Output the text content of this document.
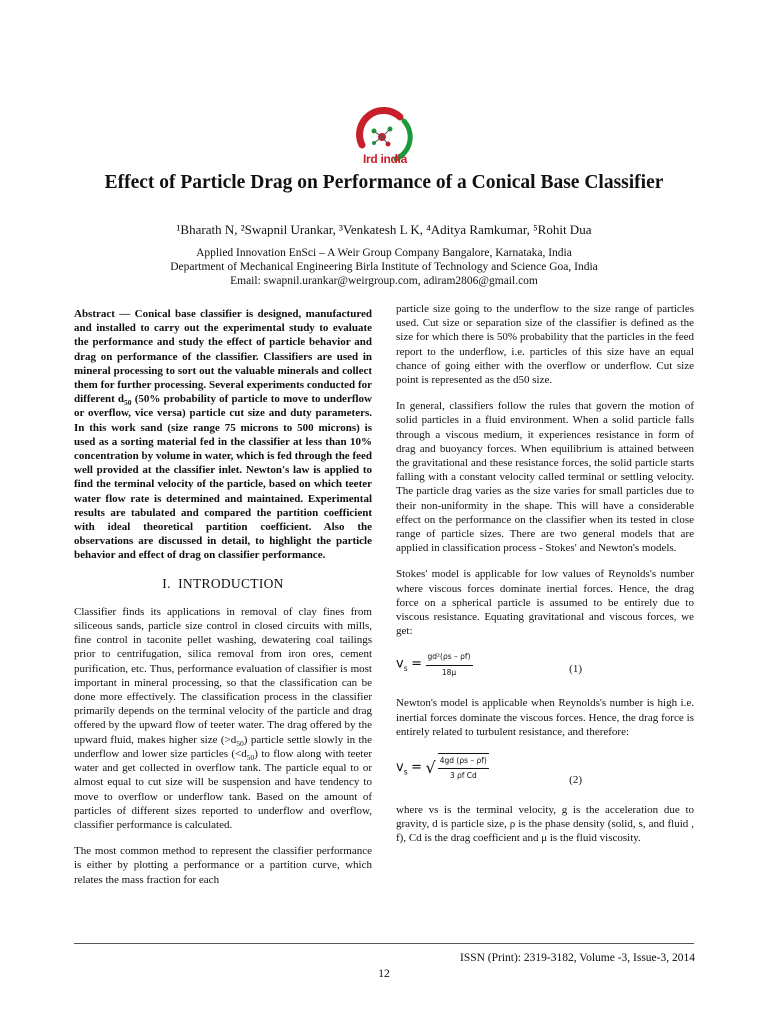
Ird india
Effect of Particle Drag on Performance of a Conical Base Classifier
¹Bharath N, ²Swapnil Urankar, ³Venkatesh L K, ⁴Aditya Ramkumar, ⁵Rohit Dua
Applied Innovation EnSci – A Weir Group Company Bangalore, Karnataka, India
Department of Mechanical Engineering Birla Institute of Technology and Science Goa, India
Email: swapnil.urankar@weirgroup.com, adiram2806@gmail.com

Abstract — Conical base classifier is designed, manufactured and installed to carry out the experimental study to evaluate the performance and study the effect of particle behavior and drag on performance of the classifier. Classifiers are used in mineral processing to sort out the valuable minerals and collect them for further processing. Several experiments conducted for different $d_{50}$ (50% probability of particle to move to underflow or overflow, vice versa) particle cut size and duty parameters. In this work sand (size range 75 microns to 500 microns) is used as a sorting material fed in the classifier at less than 10% concentration by volume in water, which is fed through the feed well provided at the classifier inlet. Newton's law is applied to find the terminal velocity of the particle, based on which teeter water flow rate is determined and maintained. Experimental results are tabulated and compared the partition coefficient with ideal theoretical partition coefficient. Also the observations are discussed in detail, to highlight the particle behavior and effect of drag on classifier performance.

I. INTRODUCTION

Classifier finds its applications in removal of clay fines from siliceous sands, particle size control in closed circuits with mills, fine control in taconite pellet washing, dewatering coal tailings prior to centrifugation, silica removal from iron ores, cement purification, etc. Thus, performance evaluation of classifier is most important in mineral processing, so that the classification can be done more effectively. The classification process in the classifier primarily depends on the terminal velocity of the particle and drag offered by the upward flow of teeter water. The drag offered by the upward fluid, makes higher size $(>d_{50})$ particle settle slowly in the underflow and lower size particles $(<d_{50})$ to flow along with teeter water and get collected in overflow tank. The particle equal to or almost equal to cut size will be suspension and have tendency to move to overflow or underflow tank. Based on the amount of particles of different sizes reported to underflow and overflow, classifier performance is calculated.

The most common method to represent the classifier performance is either by plotting a performance or a partition curve, which relates the mass fraction for each

particle size going to the underflow to the size range of particles used. Cut size or separation size of the classifier is defined as the size for which there is 50% probability that the particles in the feed report to the underflow, i.e. particles of this size have an equal chance of going either with the overflow or underflow. Cut size point is represented as the d50 size.

In general, classifiers follow the rules that govern the motion of solid particles in a fluid environment. When a solid particle falls through a viscous medium, it experiences resistance in form of drag and buoyancy forces. When equilibrium is attained between the gravitational and these resistance forces, the solid particle starts falling with a constant velocity called terminal or settling velocity. The particle drag varies as the size varies for small particles due to their non-uniformity in the shape. This will have a considerable effect on the performance on the classifier when its tested in close range of particle sizes. There are two general models that are applied in classification process - Stokes' and Newton's models.

Stokes' model is applicable for low values of Reynolds's number where viscous forces dominate inertial forces. Hence, the drag force on a spherical particle is assumed to be entirely due to viscous resistance. Equating gravitational and viscous forces, we get:

$v_s = \frac{\text{gd²(ρs – ρf)}}{18\mu}$	(1)

Newton's model is applicable when Reynolds's number is high i.e. inertial forces dominate the viscous forces. Hence, the drag force is entirely related to turbulent resistance, and therefore:

$v_s$ = √ $\frac{4gd (\rho s - \rho f)}{\text{3 ρf Cd}}$	(2)

where vs is the terminal velocity, g is the acceleration due to gravity, d is particle size, ρ is the phase density (solid, s, and fluid , f), Cd is the drag coefficient and μ is the fluid viscosity.

ISSN (Print): 2319-3182, Volume -3, Issue-3, 2014
12
